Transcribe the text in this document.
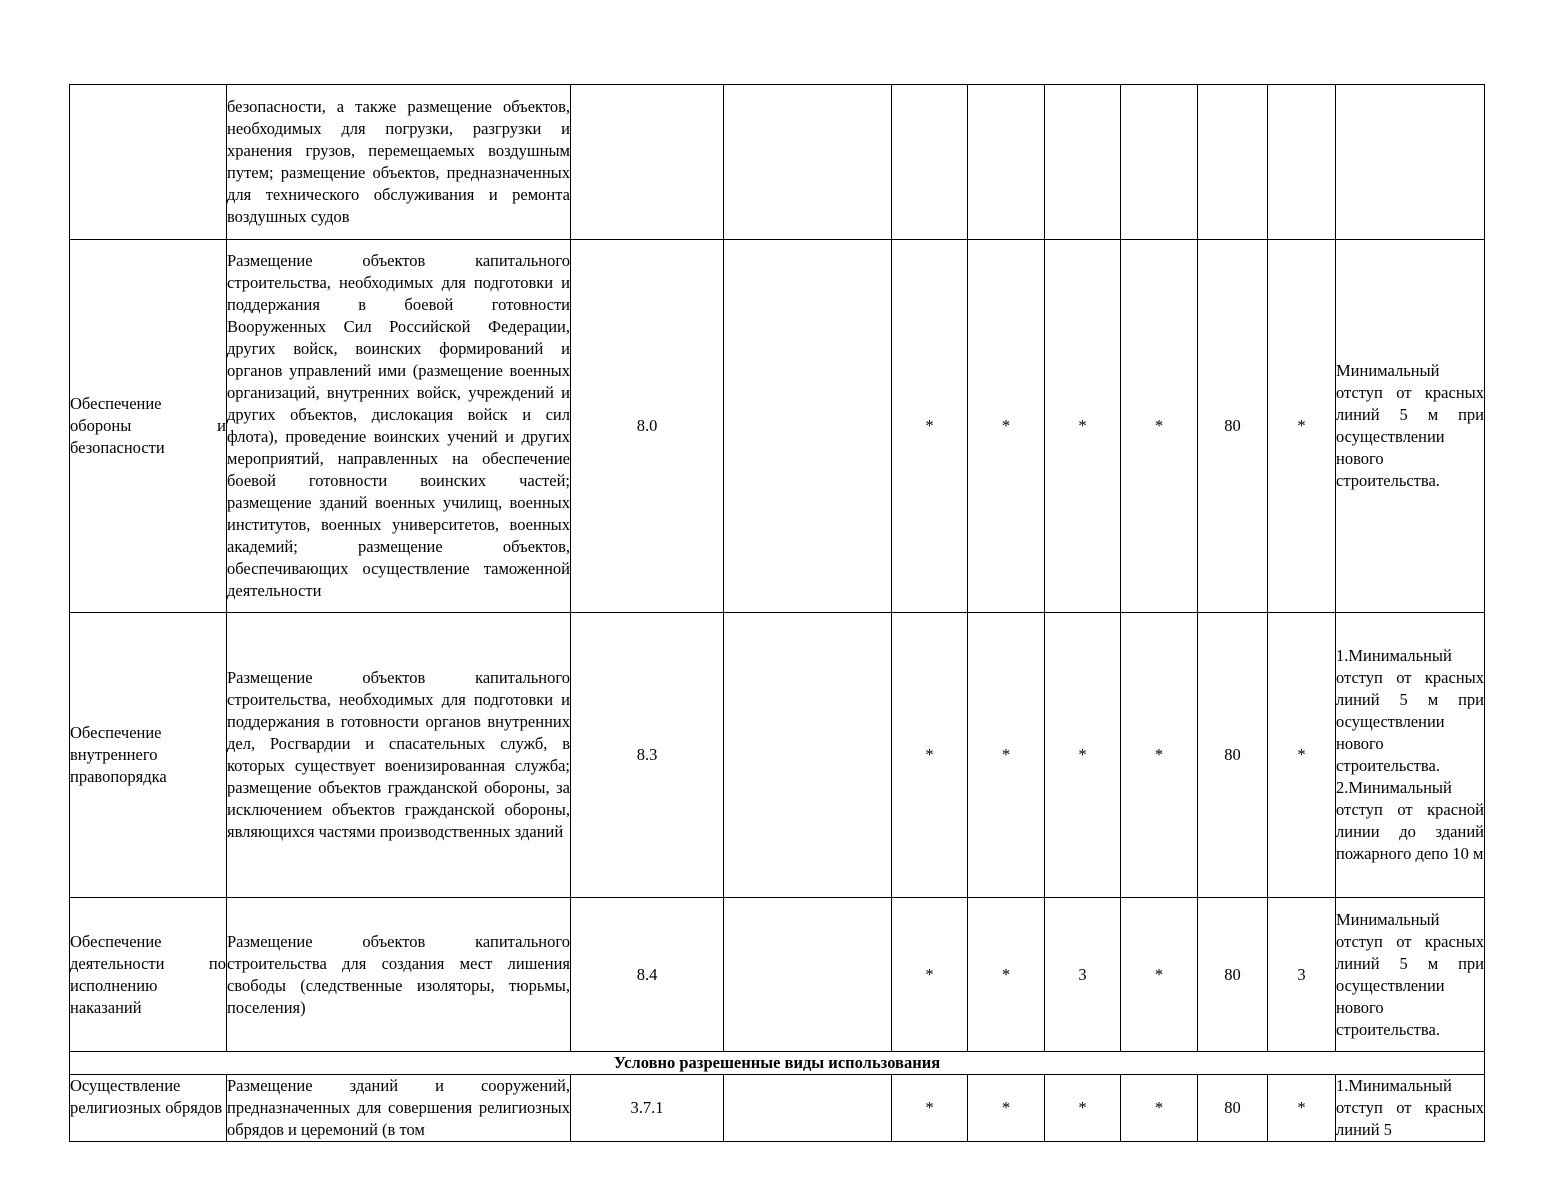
	безопасности, а также размещение объектов, необходимых для погрузки, разгрузки и хранения грузов, перемещаемых воздушным путем; размещение объектов, предназначенных для технического обслуживания и ремонта воздушных судов									
Обеспечение обороны и безопасности	Размещение объектов капитального строительства, необходимых для подготовки и поддержания в боевой готовности Вооруженных Сил Российской Федерации, других войск, воинских формирований и органов управлений ими (размещение военных организаций, внутренних войск, учреждений и других объектов, дислокация войск и сил флота), проведение воинских учений и других мероприятий, направленных на обеспечение боевой готовности воинских частей; размещение зданий военных училищ, военных институтов, военных университетов, военных академий; размещение объектов, обеспечивающих осуществление таможенной деятельности	8.0		*	*	*	*	80	*	Минимальный отступ от красных линий 5 м при осуществлении нового строительства.

Обеспечение внутреннего правопорядка	Размещение объектов капитального строительства, необходимых для подготовки и поддержания в готовности органов внутренних дел, Росгвардии и спасательных служб, в которых существует военизированная служба; размещение объектов гражданской обороны, за исключением объектов гражданской обороны, являющихся частями производственных зданий	8.3		*	*	*	*	80	*	1.Минимальный отступ от красных линий 5 м при осуществлении нового строительства.
2.Минимальный отступ от красной линии до зданий пожарного депо 10 м

Обеспечение деятельности по исполнению наказаний	Размещение объектов капитального строительства для создания мест лишения свободы (следственные изоляторы, тюрьмы, поселения)	8.4		*	*	3	*	80	3	Минимальный отступ от красных линий 5 м при осуществлении нового строительства.

Условно разрешенные виды использования										
Осуществление религиозных обрядов	Размещение зданий и сооружений, предназначенных для совершения религиозных обрядов и церемоний (в том	3.7.1		*	*	*	*	80	*	1.Минимальный отступ от красных линий 5
